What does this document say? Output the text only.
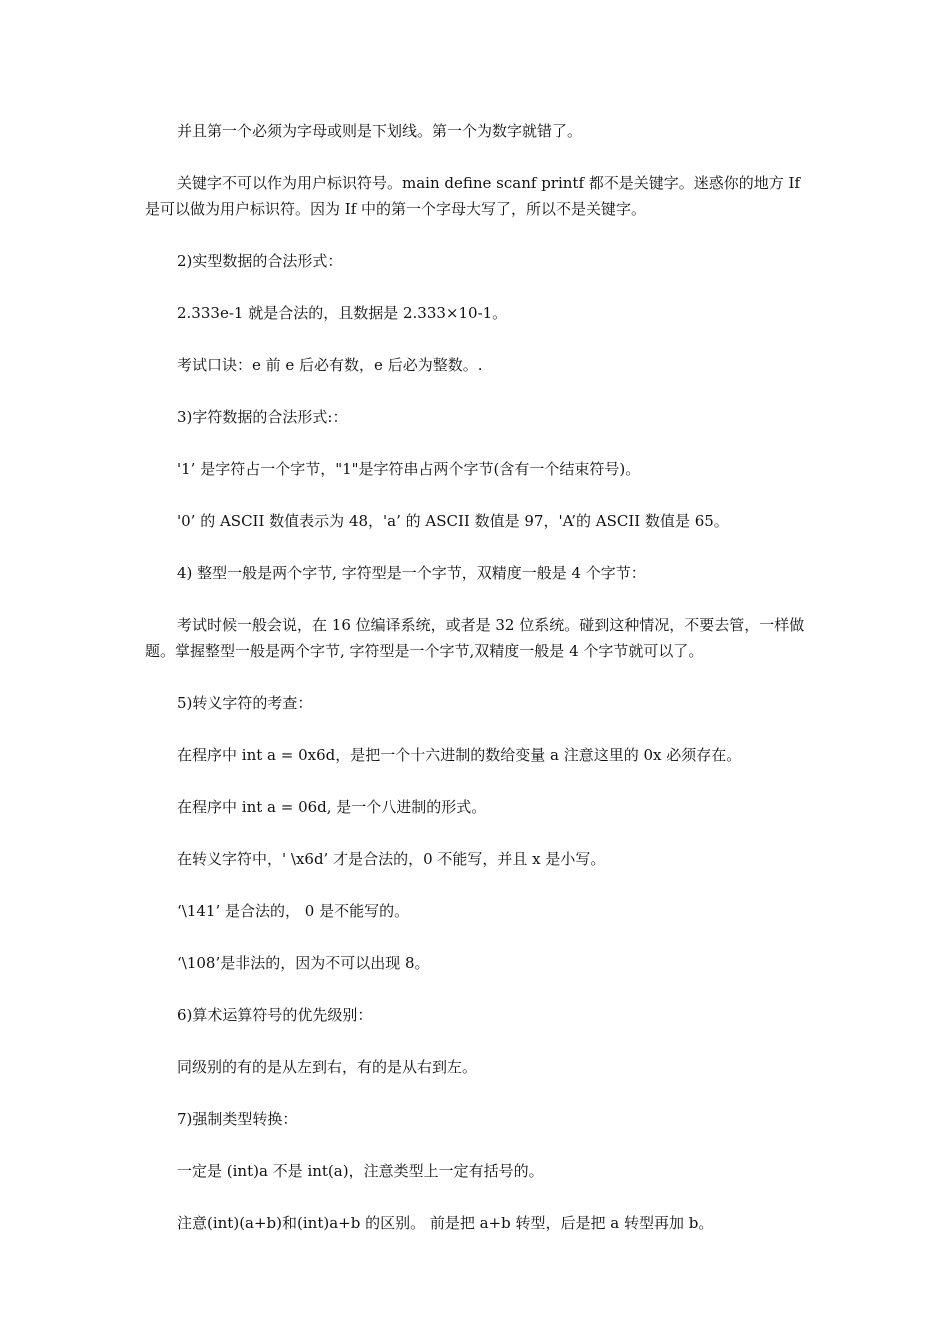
并且第一个必须为字母或则是下划线。第一个为数字就错了。

关键字不可以作为用户标识符号。main define scanf printf 都不是关键字。迷惑你的地方 If 是可以做为用户标识符。因为 If 中的第一个字母大写了，所以不是关键字。

2)实型数据的合法形式：

2.333e-1 就是合法的，且数据是 2.333×10-1。

考试口诀：e 前 e 后必有数，e 后必为整数。.

3)字符数据的合法形式:：

'1’ 是字符占一个字节，"1"是字符串占两个字节(含有一个结束符号)。

'0’ 的 ASCII 数值表示为 48，'a’ 的 ASCII 数值是 97，'A’的 ASCII 数值是 65。

4) 整型一般是两个字节, 字符型是一个字节，双精度一般是 4 个字节：

考试时候一般会说，在 16 位编译系统，或者是 32 位系统。碰到这种情况，不要去管，一样做题。掌握整型一般是两个字节, 字符型是一个字节,双精度一般是 4 个字节就可以了。

5)转义字符的考查：

在程序中 int a = 0x6d，是把一个十六进制的数给变量 a 注意这里的 0x 必须存在。

在程序中 int a = 06d, 是一个八进制的形式。

在转义字符中，' \x6d’ 才是合法的，0 不能写，并且 x 是小写。

‘\141’ 是合法的， 0 是不能写的。

‘\108’是非法的，因为不可以出现 8。

6)算术运算符号的优先级别：

同级别的有的是从左到右，有的是从右到左。

7)强制类型转换：

一定是 (int)a 不是 int(a)，注意类型上一定有括号的。

注意(int)(a+b)和(int)a+b 的区别。 前是把 a+b 转型，后是把 a 转型再加 b。
